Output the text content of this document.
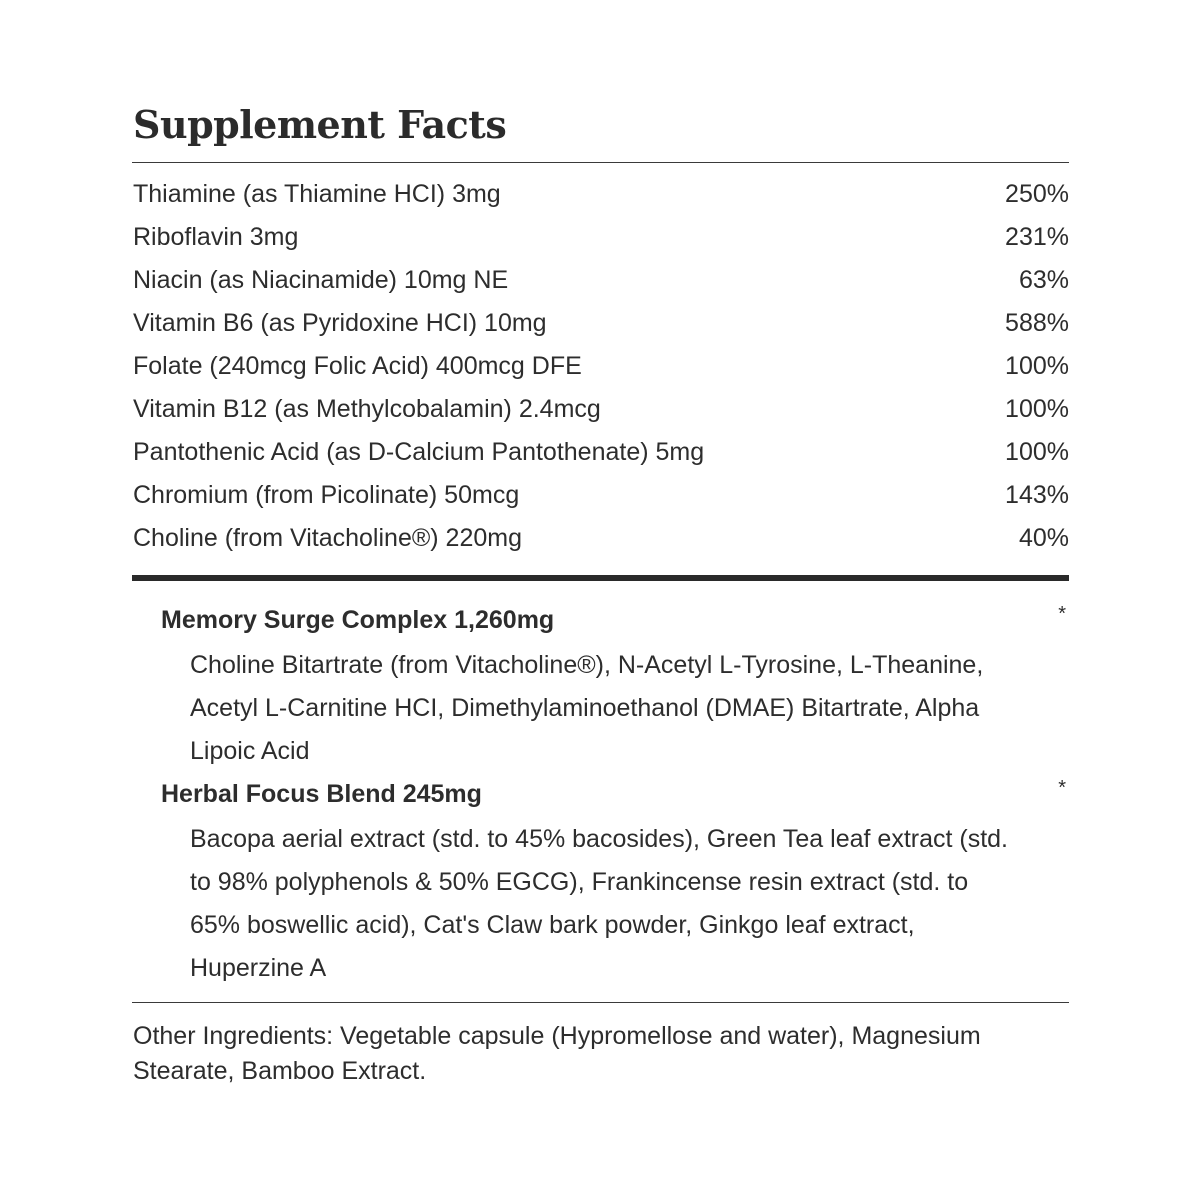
Supplement Facts
Thiamine (as Thiamine HCI) 3mg	250%
Riboflavin 3mg	231%
Niacin (as Niacinamide) 10mg NE	63%
Vitamin B6 (as Pyridoxine HCI) 10mg	588%
Folate (240mcg Folic Acid) 400mcg DFE	100%
Vitamin B12 (as Methylcobalamin) 2.4mcg	100%
Pantothenic Acid (as D-Calcium Pantothenate) 5mg	100%
Chromium (from Picolinate) 50mcg	143%
Choline (from Vitacholine®) 220mg	40%
Memory Surge Complex 1,260mg	*
Choline Bitartrate (from Vitacholine®), N-Acetyl L-Tyrosine, L-Theanine, Acetyl L-Carnitine HCI, Dimethylaminoethanol (DMAE) Bitartrate, Alpha Lipoic Acid
Herbal Focus Blend 245mg	*
Bacopa aerial extract (std. to 45% bacosides), Green Tea leaf extract (std. to 98% polyphenols & 50% EGCG), Frankincense resin extract (std. to 65% boswellic acid), Cat's Claw bark powder, Ginkgo leaf extract, Huperzine A
Other Ingredients: Vegetable capsule (Hypromellose and water), Magnesium Stearate, Bamboo Extract.
